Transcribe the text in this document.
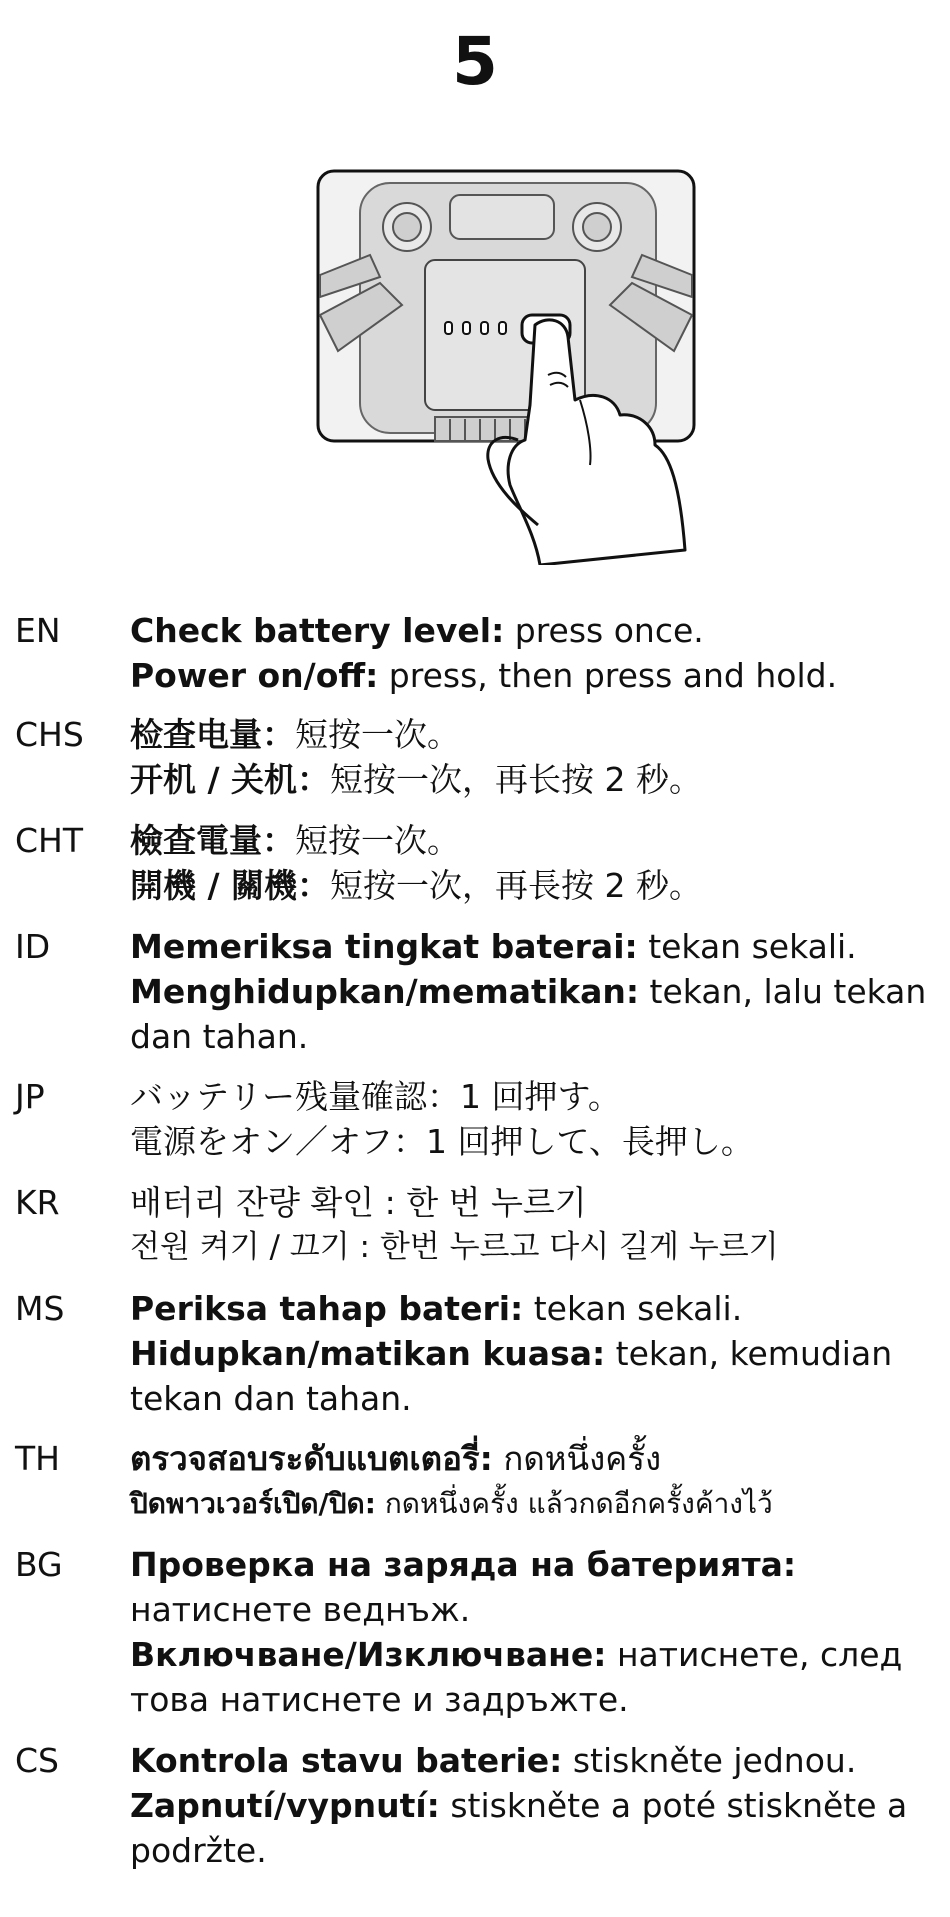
5
EN Check battery level: press once.
Power on/off: press, then press and hold.
CHS 检查电量：短按一次。
开机 / 关机：短按一次，再长按 2 秒。
CHT 檢查電量：短按一次。
開機 / 關機：短按一次，再長按 2 秒。
ID Memeriksa tingkat baterai: tekan sekali.
Menghidupkan/mematikan: tekan, lalu tekan dan tahan.
JP	バッテリー残量確認：1 回押す。
電源をオン／オフ：1 回押して、長押し。
KR 배터리 잔량 확인 : 한 번 누르기
전원 켜기 / 끄기 : 한번 누르고 다시 길게 누르기
MS Periksa tahap bateri: tekan sekali.
Hidupkan/matikan kuasa: tekan, kemudian tekan dan tahan.
TH ตรวจสอบระดับแบตเตอรี่: กดหนึ่งครั้ง
ปิดพาวเวอร์เปิด/ปิด: กดหนึ่งครั้ง แล้วกดอีกครั้งค้างไว้
BG Проверка на заряда на батерията: натиснете веднъж.
Включване/Изключване: натиснете, след това натиснете и задръжте.
CS Kontrola stavu baterie: stiskněte jednou.
Zapnutí/vypnutí: stiskněte a poté stiskněte a podržte.
